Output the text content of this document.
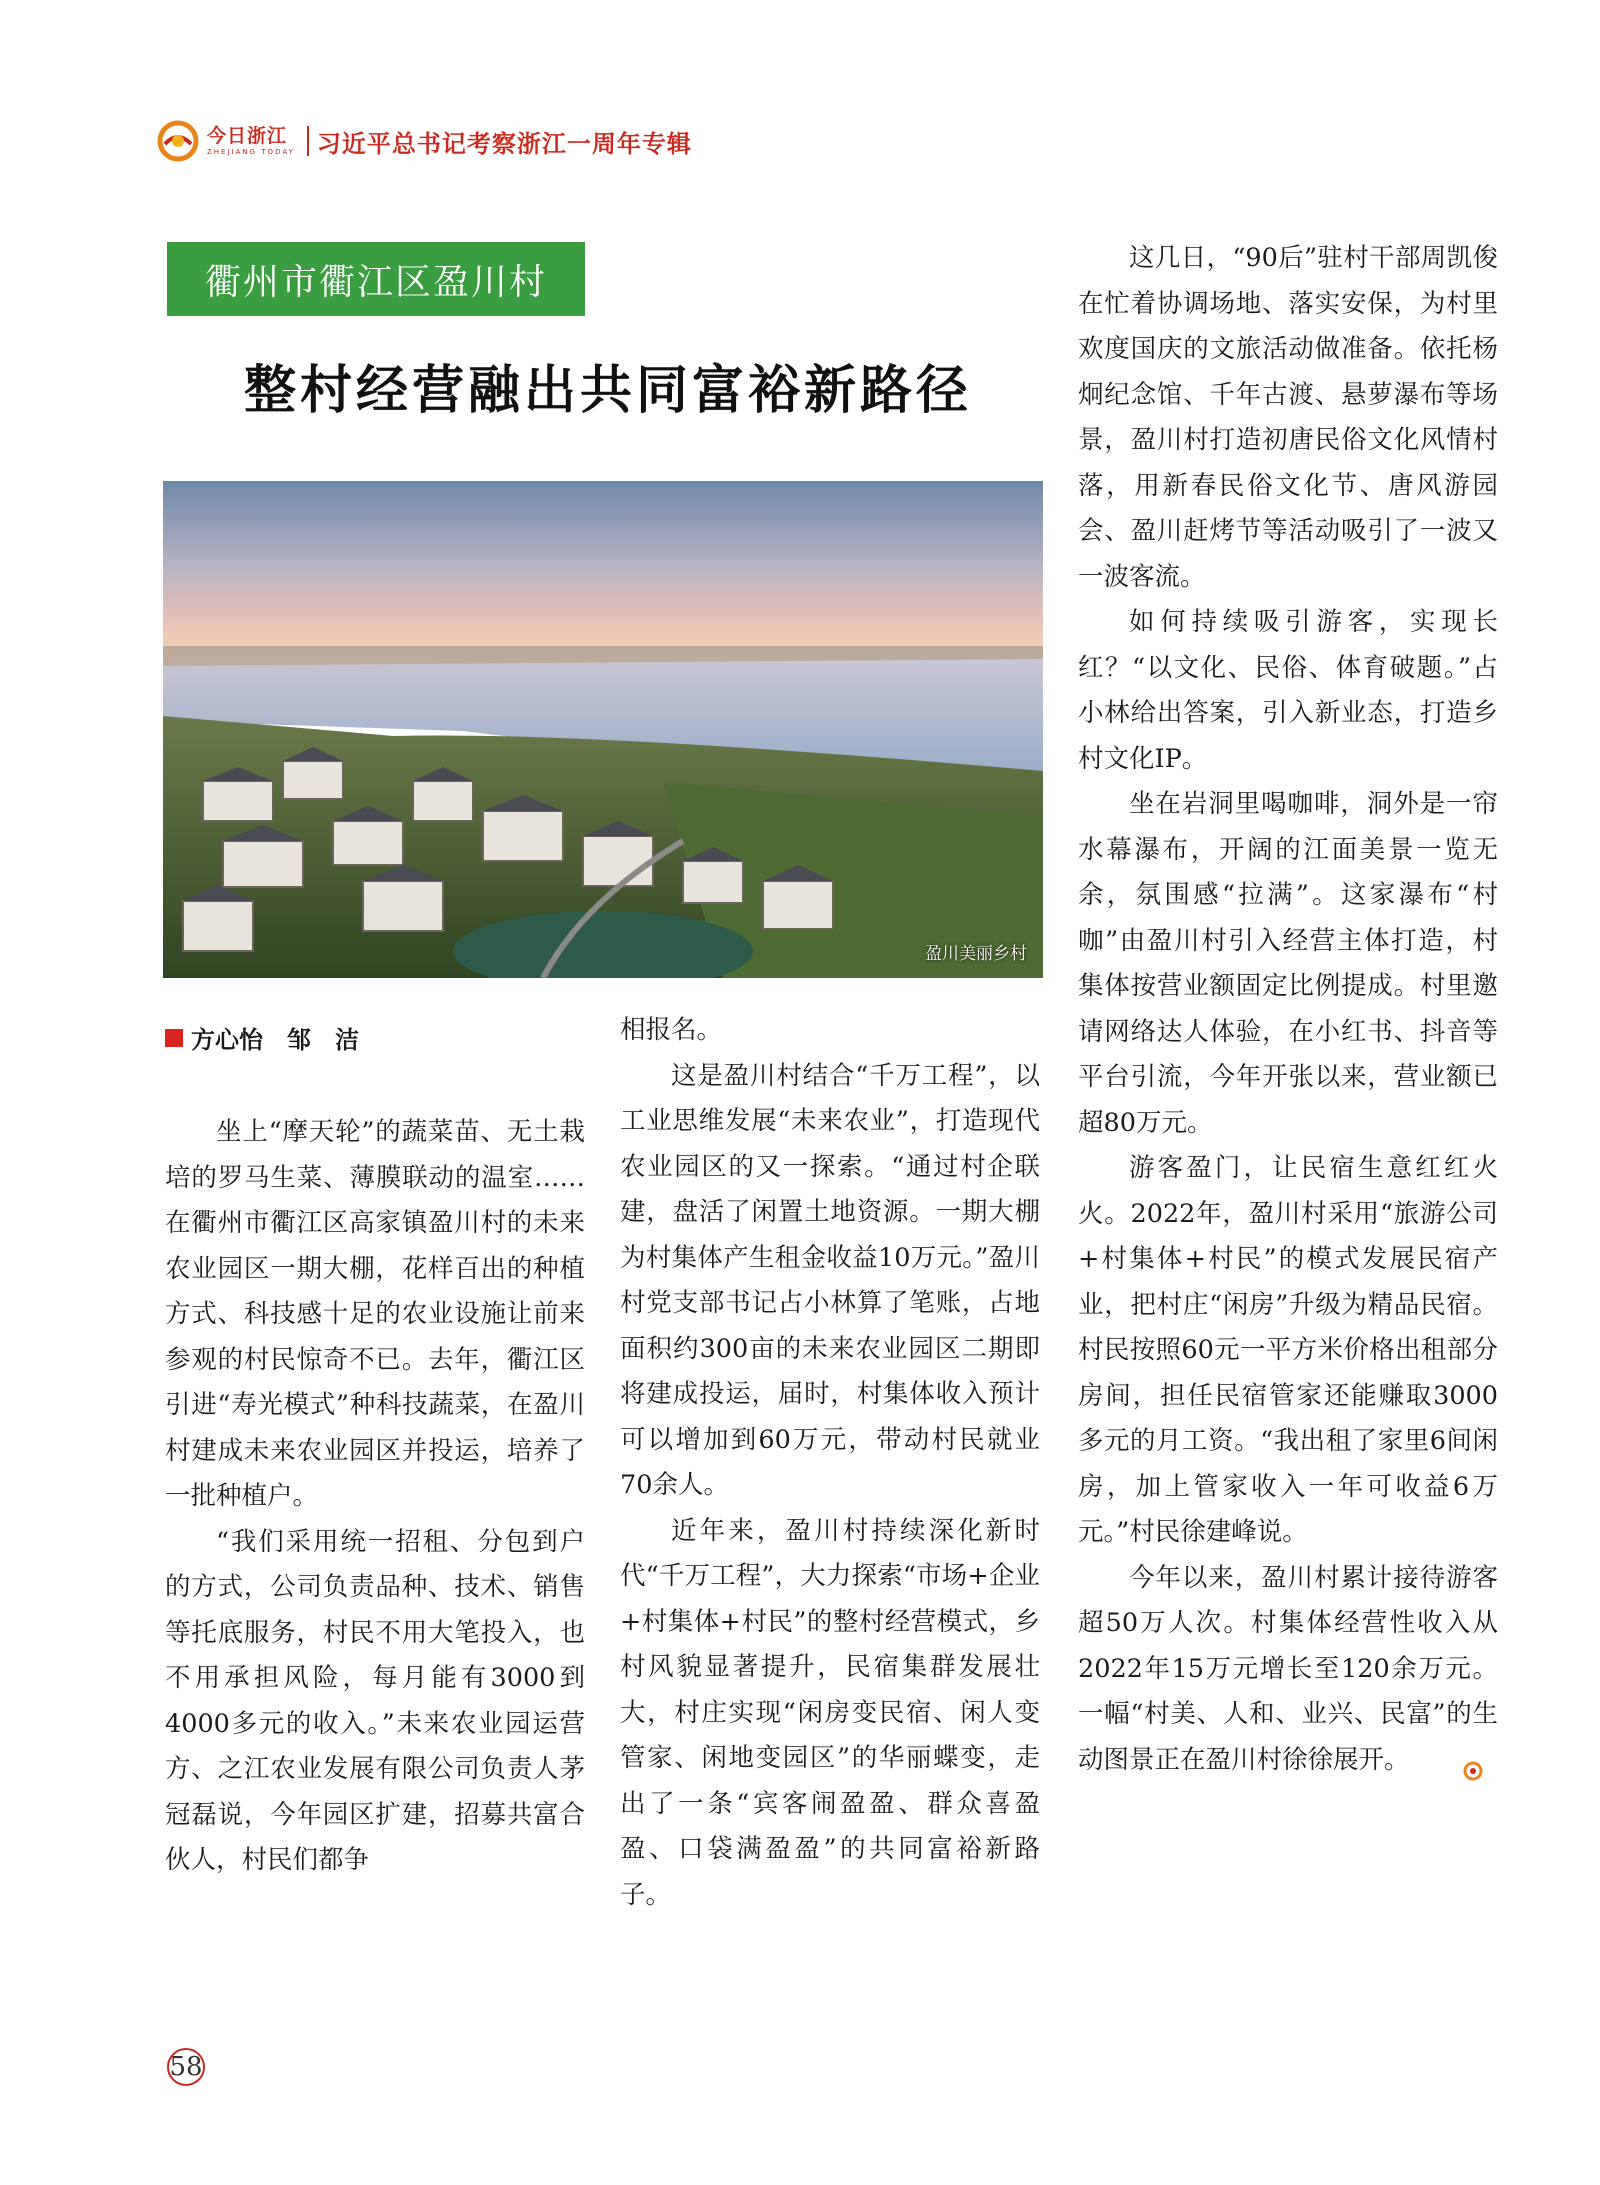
今日浙江
ZHEJIANG TODAY 习近平总书记考察浙江一周年专辑
衢州市衢江区盈川村
整村经营融出共同富裕新路径
盈川美丽乡村
方心怡　邹　洁

坐上“摩天轮”的蔬菜苗、无土栽培的罗马生菜、薄膜联动的温室……在衢州市衢江区高家镇盈川村的未来农业园区一期大棚，花样百出的种植方式、科技感十足的农业设施让前来参观的村民惊奇不已。去年，衢江区引进“寿光模式”种科技蔬菜，在盈川村建成未来农业园区并投运，培养了一批种植户。

“我们采用统一招租、分包到户的方式，公司负责品种、技术、销售等托底服务，村民不用大笔投入，也不用承担风险，每月能有3000到4000多元的收入。”未来农业园运营方、之江农业发展有限公司负责人茅冠磊说，今年园区扩建，招募共富合伙人，村民们都争

相报名。

这是盈川村结合“千万工程”，以工业思维发展“未来农业”，打造现代农业园区的又一探索。“通过村企联建，盘活了闲置土地资源。一期大棚为村集体产生租金收益10万元。”盈川村党支部书记占小林算了笔账，占地面积约300亩的未来农业园区二期即将建成投运，届时，村集体收入预计可以增加到60万元，带动村民就业70余人。

近年来，盈川村持续深化新时代“千万工程”，大力探索“市场+企业+村集体+村民”的整村经营模式，乡村风貌显著提升，民宿集群发展壮大，村庄实现“闲房变民宿、闲人变管家、闲地变园区”的华丽蝶变，走出了一条“宾客闹盈盈、群众喜盈盈、口袋满盈盈”的共同富裕新路子。

这几日，“90后”驻村干部周凯俊在忙着协调场地、落实安保，为村里欢度国庆的文旅活动做准备。依托杨炯纪念馆、千年古渡、悬萝瀑布等场景，盈川村打造初唐民俗文化风情村落，用新春民俗文化节、唐风游园会、盈川赶烤节等活动吸引了一波又一波客流。

如何持续吸引游客，实现长红？“以文化、民俗、体育破题。”占小林给出答案，引入新业态，打造乡村文化IP。

坐在岩洞里喝咖啡，洞外是一帘水幕瀑布，开阔的江面美景一览无余，氛围感“拉满”。这家瀑布“村咖”由盈川村引入经营主体打造，村集体按营业额固定比例提成。村里邀请网络达人体验，在小红书、抖音等平台引流，今年开张以来，营业额已超80万元。

游客盈门，让民宿生意红红火火。2022年，盈川村采用“旅游公司+村集体+村民”的模式发展民宿产业，把村庄“闲房”升级为精品民宿。村民按照60元一平方米价格出租部分房间，担任民宿管家还能赚取3000多元的月工资。“我出租了家里6间闲房，加上管家收入一年可收益6万元。”村民徐建峰说。

今年以来，盈川村累计接待游客超50万人次。村集体经营性收入从2022年15万元增长至120余万元。一幅“村美、人和、业兴、民富”的生动图景正在盈川村徐徐展开。

58
